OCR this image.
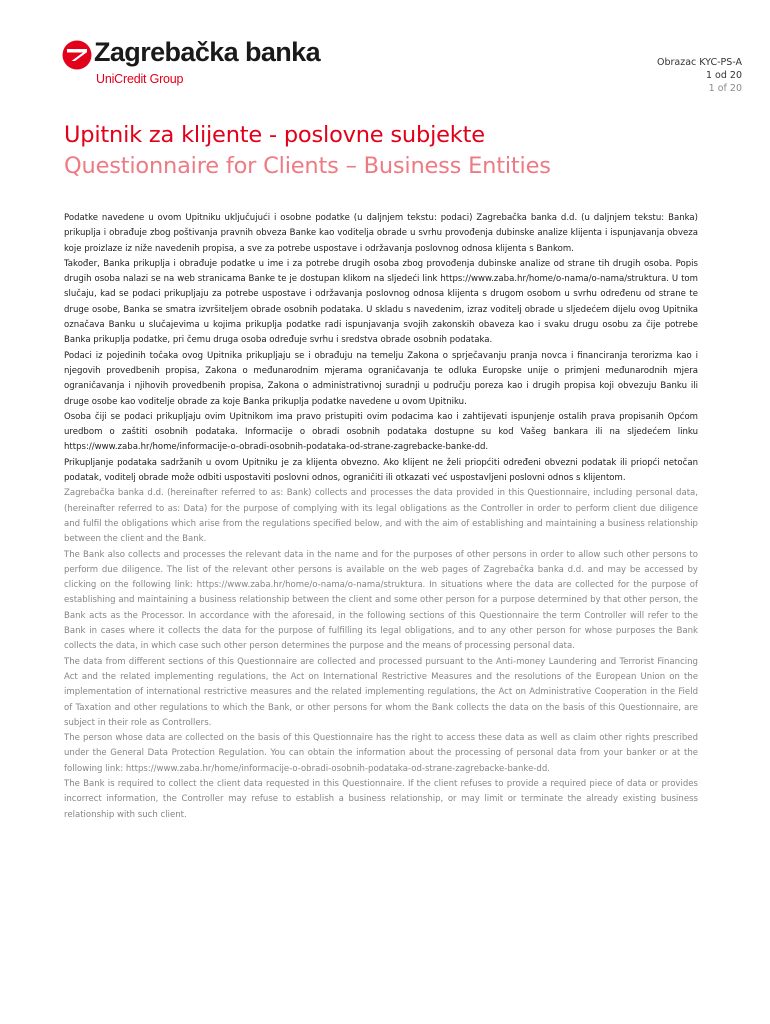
Zagrebačka banka
UniCredit Group
Obrazac KYC-PS-A
1 od 20
1 of 20
Upitnik za klijente - poslovne subjekte
Questionnaire for Clients – Business Entities

Podatke navedene u ovom Upitniku uključujući i osobne podatke (u daljnjem tekstu: podaci) Zagrebačka banka d.d. (u daljnjem tekstu: Banka) prikuplja i obrađuje zbog poštivanja pravnih obveza Banke kao voditelja obrade u svrhu provođenja dubinske analize klijenta i ispunjavanja obveza koje proizlaze iz niže navedenih propisa, a sve za potrebe uspostave i održavanja poslovnog odnosa klijenta s Bankom.

Također, Banka prikuplja i obrađuje podatke u ime i za potrebe drugih osoba zbog provođenja dubinske analize od strane tih drugih osoba. Popis drugih osoba nalazi se na web stranicama Banke te je dostupan klikom na sljedeći link https://www.zaba.hr/home/o-nama/o-nama/struktura. U tom slučaju, kad se podaci prikupljaju za potrebe uspostave i održavanja poslovnog odnosa klijenta s drugom osobom u svrhu određenu od strane te druge osobe, Banka se smatra izvršiteljem obrade osobnih podataka. U skladu s navedenim, izraz voditelj obrade u sljedećem dijelu ovog Upitnika označava Banku u slučajevima u kojima prikuplja podatke radi ispunjavanja svojih zakonskih obaveza kao i svaku drugu osobu za čije potrebe Banka prikuplja podatke, pri čemu druga osoba određuje svrhu i sredstva obrade osobnih podataka.

Podaci iz pojedinih točaka ovog Upitnika prikupljaju se i obrađuju na temelju Zakona o sprječavanju pranja novca i financiranja terorizma kao i njegovih provedbenih propisa, Zakona o međunarodnim mjerama ograničavanja te odluka Europske unije o primjeni međunarodnih mjera ograničavanja i njihovih provedbenih propisa, Zakona o administrativnoj suradnji u području poreza kao i drugih propisa koji obvezuju Banku ili druge osobe kao voditelje obrade za koje Banka prikuplja podatke navedene u ovom Upitniku.

Osoba čiji se podaci prikupljaju ovim Upitnikom ima pravo pristupiti ovim podacima kao i zahtijevati ispunjenje ostalih prava propisanih Općom uredbom o zaštiti osobnih podataka. Informacije o obradi osobnih podataka dostupne su kod Vašeg bankara ili na sljedećem linku https://www.zaba.hr/home/informacije-o-obradi-osobnih-podataka-od-strane-zagrebacke-banke-dd.

Prikupljanje podataka sadržanih u ovom Upitniku je za klijenta obvezno. Ako klijent ne želi priopćiti određeni obvezni podatak ili priopći netočan podatak, voditelj obrade može odbiti uspostaviti poslovni odnos, ograničiti ili otkazati već uspostavljeni poslovni odnos s klijentom.

Zagrebačka banka d.d. (hereinafter referred to as: Bank) collects and processes the data provided in this Questionnaire, including personal data, (hereinafter referred to as: Data) for the purpose of complying with its legal obligations as the Controller in order to perform client due diligence and fulfil the obligations which arise from the regulations specified below, and with the aim of establishing and maintaining a business relationship between the client and the Bank.

The Bank also collects and processes the relevant data in the name and for the purposes of other persons in order to allow such other persons to perform due diligence. The list of the relevant other persons is available on the web pages of Zagrebačka banka d.d. and may be accessed by clicking on the following link: https://www.zaba.hr/home/o-nama/o-nama/struktura. In situations where the data are collected for the purpose of establishing and maintaining a business relationship between the client and some other person for a purpose determined by that other person, the Bank acts as the Processor. In accordance with the aforesaid, in the following sections of this Questionnaire the term Controller will refer to the Bank in cases where it collects the data for the purpose of fulfilling its legal obligations, and to any other person for whose purposes the Bank collects the data, in which case such other person determines the purpose and the means of processing personal data.

The data from different sections of this Questionnaire are collected and processed pursuant to the Anti-money Laundering and Terrorist Financing Act and the related implementing regulations, the Act on International Restrictive Measures and the resolutions of the European Union on the implementation of international restrictive measures and the related implementing regulations, the Act on Administrative Cooperation in the Field of Taxation and other regulations to which the Bank, or other persons for whom the Bank collects the data on the basis of this Questionnaire, are subject in their role as Controllers.

The person whose data are collected on the basis of this Questionnaire has the right to access these data as well as claim other rights prescribed under the General Data Protection Regulation. You can obtain the information about the processing of personal data from your banker or at the following link: https://www.zaba.hr/home/informacije-o-obradi-osobnih-podataka-od-strane-zagrebacke-banke-dd.

The Bank is required to collect the client data requested in this Questionnaire. If the client refuses to provide a required piece of data or provides incorrect information, the Controller may refuse to establish a business relationship, or may limit or terminate the already existing business relationship with such client.
